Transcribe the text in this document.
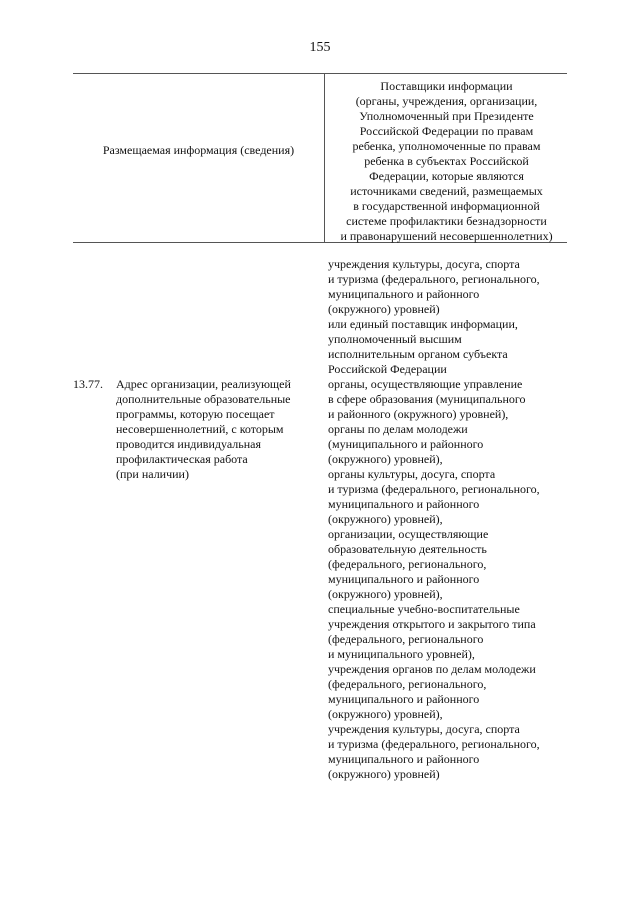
155
Размещаемая информация (сведения)
Поставщики информации
(органы, учреждения, организации,
Уполномоченный при Президенте
Российской Федерации по правам
ребенка, уполномоченные по правам
ребенка в субъектах Российской
Федерации, которые являются
источниками сведений, размещаемых
в государственной информационной
системе профилактики безнадзорности
и правонарушений несовершеннолетних)
учреждения культуры, досуга, спорта
и туризма (федерального, регионального,
муниципального и районного
(окружного) уровней)
или единый поставщик информации,
уполномоченный высшим
исполнительным органом субъекта
Российской Федерации
13.77. Адрес организации, реализующей
дополнительные образовательные
программы, которую посещает
несовершеннолетний, с которым
проводится индивидуальная
профилактическая работа
(при наличии)
органы, осуществляющие управление
в сфере образования (муниципального
и районного (окружного) уровней),
органы по делам молодежи
(муниципального и районного
(окружного) уровней),
органы культуры, досуга, спорта
и туризма (федерального, регионального,
муниципального и районного
(окружного) уровней),
организации, осуществляющие
образовательную деятельность
(федерального, регионального,
муниципального и районного
(окружного) уровней),
специальные учебно-воспитательные
учреждения открытого и закрытого типа
(федерального, регионального
и муниципального уровней),
учреждения органов по делам молодежи
(федерального, регионального,
муниципального и районного
(окружного) уровней),
учреждения культуры, досуга, спорта
и туризма (федерального, регионального,
муниципального и районного
(окружного) уровней)
